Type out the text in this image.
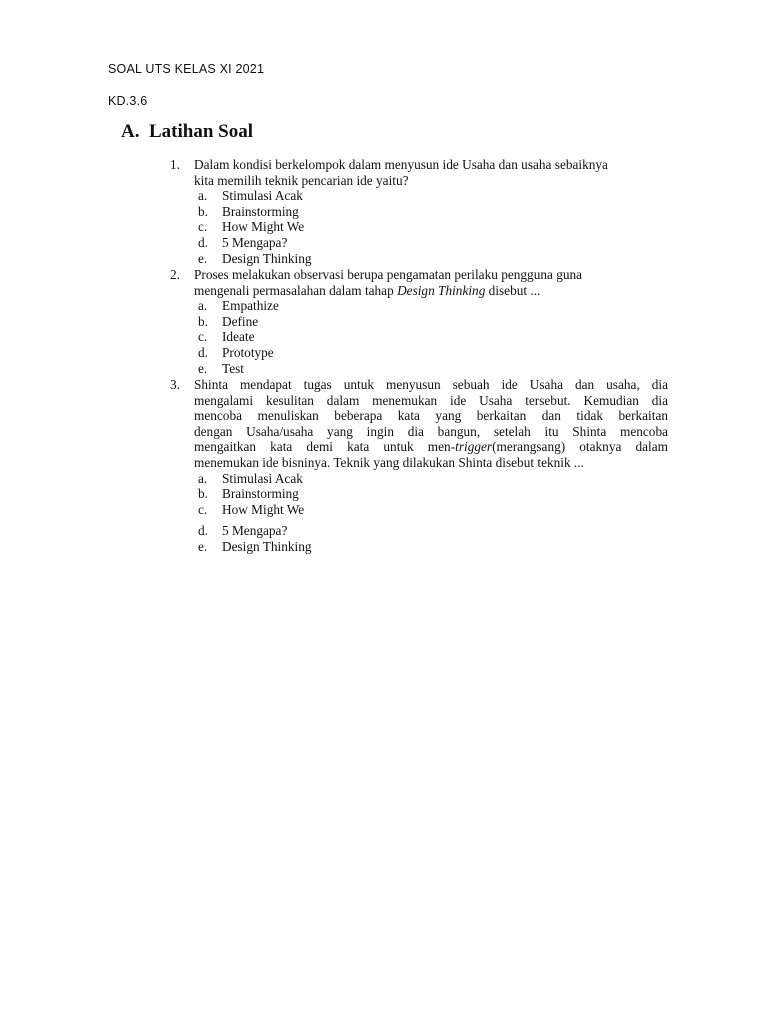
SOAL UTS KELAS XI 2021
KD.3.6
A. Latihan Soal
1.	Dalam kondisi berkelompok dalam menyusun ide Usaha dan usaha sebaiknya
kita memilih teknik pencarian ide yaitu?
a.	Stimulasi Acak
b.	Brainstorming
c.	How Might We
d.	5 Mengapa?
e.	Design Thinking
2.	Proses melakukan observasi berupa pengamatan perilaku pengguna guna
mengenali permasalahan dalam tahap Design Thinking disebut ...
a.	Empathize
b.	Define
c.	Ideate
d.	Prototype
e.	Test
3.	Shinta mendapat tugas untuk menyusun sebuah ide Usaha dan usaha, dia
mengalami kesulitan dalam menemukan ide Usaha tersebut. Kemudian dia
mencoba menuliskan beberapa kata yang berkaitan dan tidak berkaitan
dengan Usaha/usaha yang ingin dia bangun, setelah itu Shinta mencoba
mengaitkan kata demi kata untuk men-trigger(merangsang) otaknya dalam
menemukan ide bisninya. Teknik yang dilakukan Shinta disebut teknik ...
a.	Stimulasi Acak
b.	Brainstorming
c.	How Might We
d.	5 Mengapa?
e.	Design Thinking
